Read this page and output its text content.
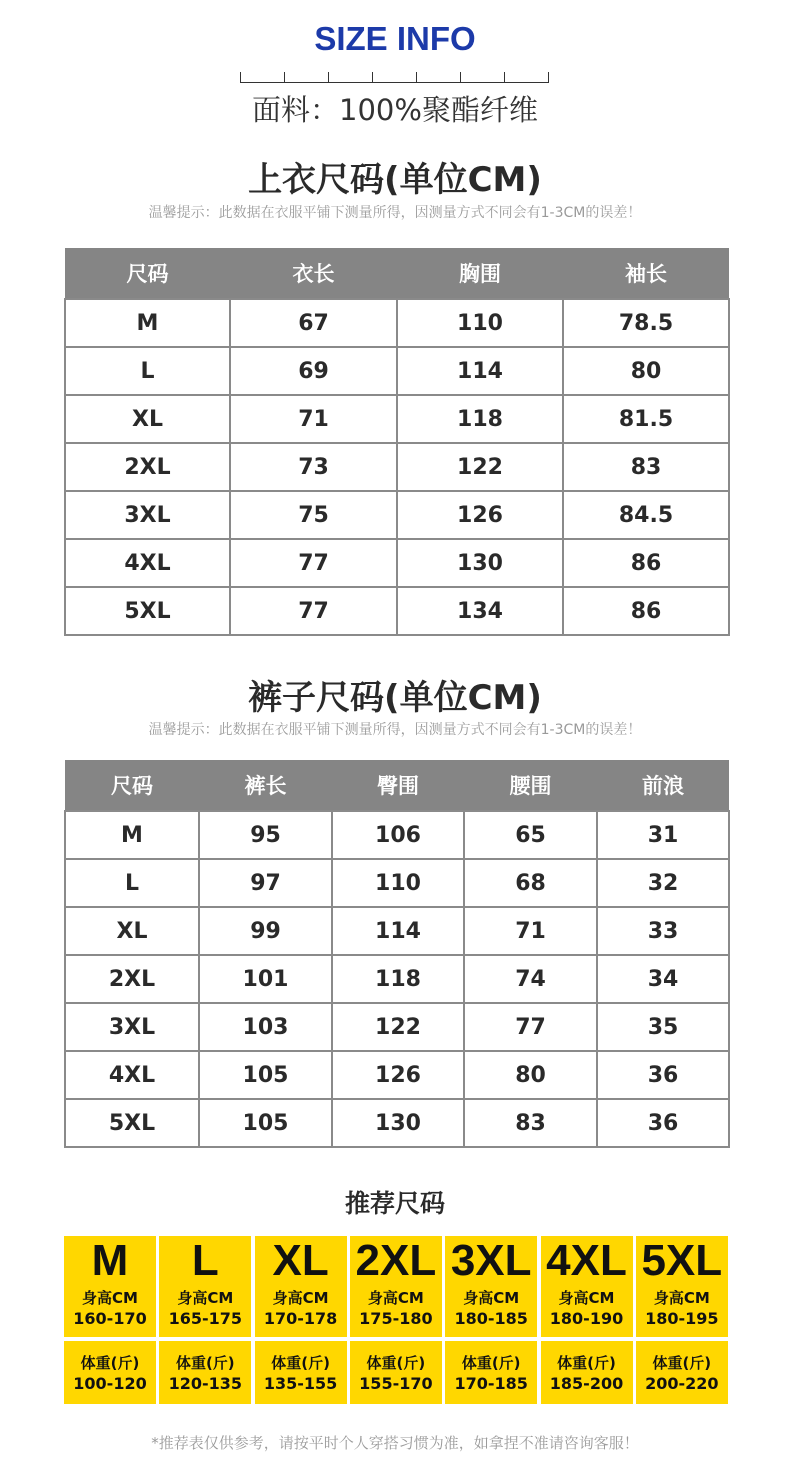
SIZE INFO
面料：100%聚酯纤维
上衣尺码(单位CM)
温馨提示：此数据在衣服平铺下测量所得，因测量方式不同会有1-3CM的误差！
尺码	衣长	胸围	袖长
M	67	110	78.5
L	69	114	80
XL	71	118	81.5
2XL	73	122	83
3XL	75	126	84.5
4XL	77	130	86
5XL	77	134	86
裤子尺码(单位CM)
温馨提示：此数据在衣服平铺下测量所得，因测量方式不同会有1-3CM的误差！
尺码	裤长	臀围	腰围	前浪
M	95	106	65	31
L	97	110	68	32
XL	99	114	71	33
2XL	101	118	74	34
3XL	103	122	77	35
4XL	105	126	80	36
5XL	105	130	83	36
推荐尺码
M
身高CM
160-170
体重(斤)
100-120
L
身高CM
165-175
体重(斤)
120-135
XL
身高CM
170-178
体重(斤)
135-155
2XL
身高CM
175-180
体重(斤)
155-170
3XL
身高CM
180-185
体重(斤)
170-185
4XL
身高CM
180-190
体重(斤)
185-200
5XL
身高CM
180-195
体重(斤)
200-220
*推荐表仅供参考，请按平时个人穿搭习惯为准，如拿捏不准请咨询客服！
